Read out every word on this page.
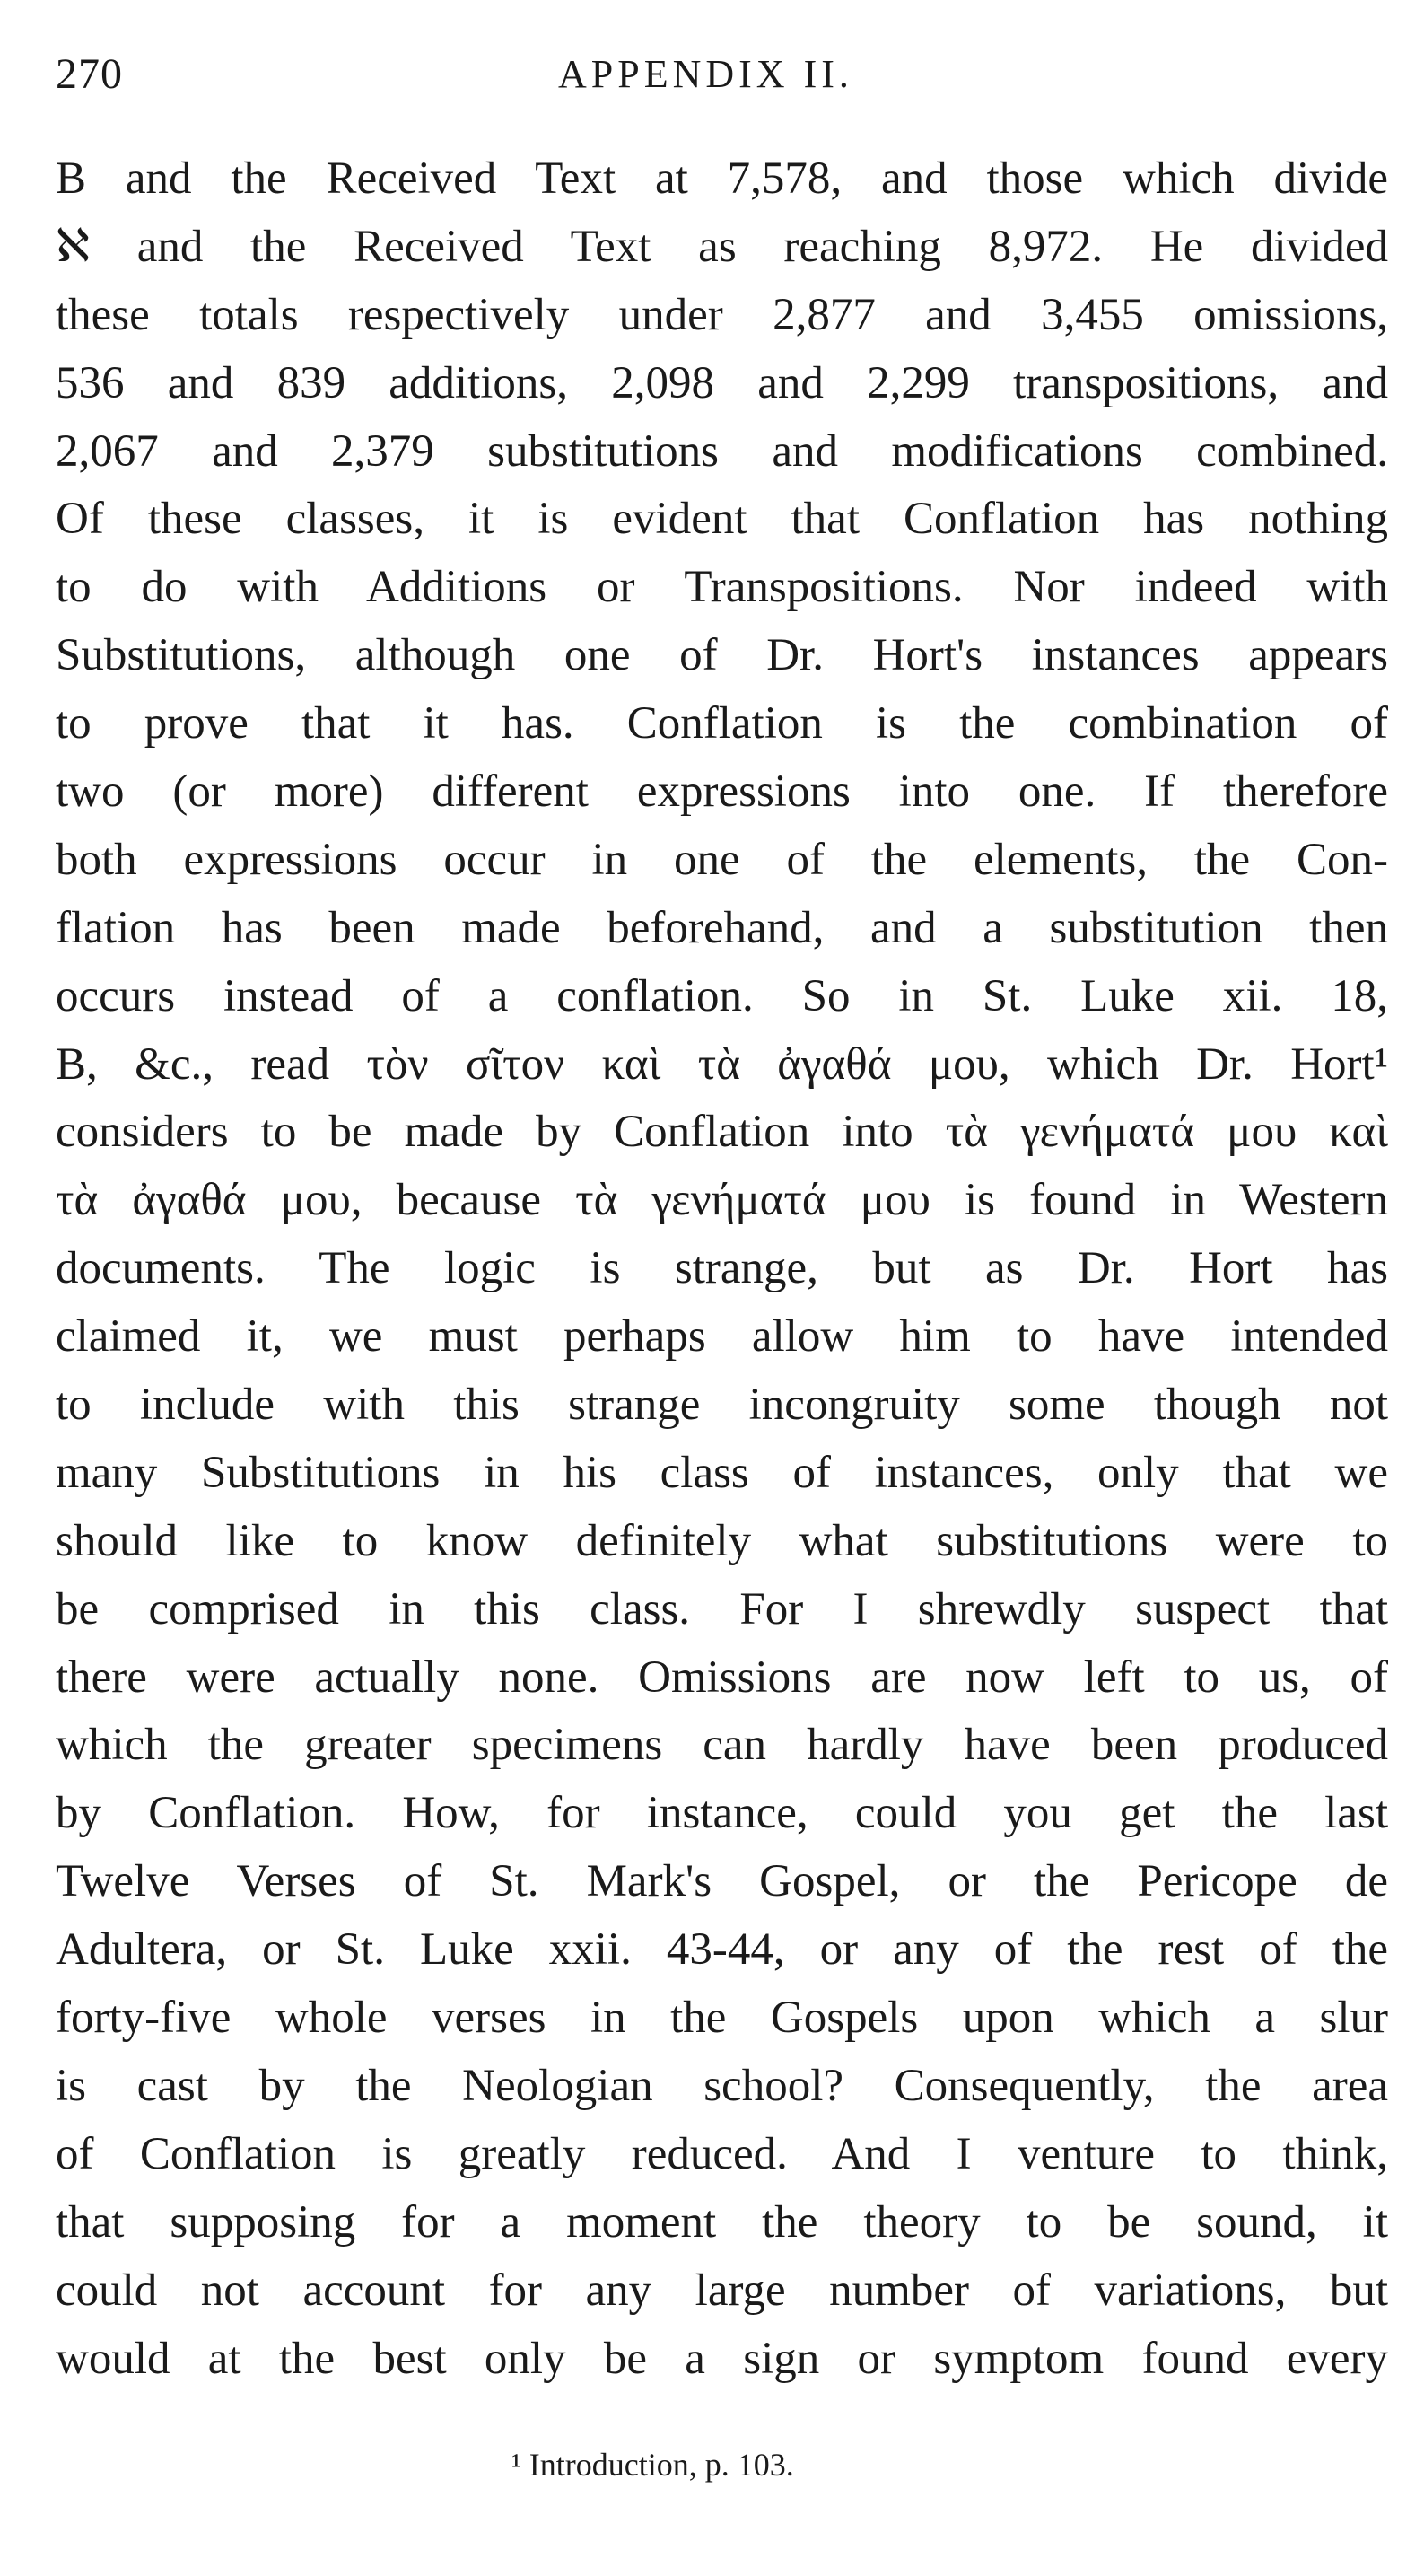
270	APPENDIX II.
B and the Received Text at 7,578, and those which divide
ℵ and the Received Text as reaching 8,972. He divided
these totals respectively under 2,877 and 3,455 omissions,
536 and 839 additions, 2,098 and 2,299 transpositions, and
2,067 and 2,379 substitutions and modifications combined.
Of these classes, it is evident that Conflation has nothing
to do with Additions or Transpositions. Nor indeed with
Substitutions, although one of Dr. Hort's instances appears
to prove that it has. Conflation is the combination of
two (or more) different expressions into one. If therefore
both expressions occur in one of the elements, the Con-
flation has been made beforehand, and a substitution then
occurs instead of a conflation. So in St. Luke xii. 18,
B, &c., read τὸν σῖτον καὶ τὰ ἀγαθά μου, which Dr. Hort¹
considers to be made by Conflation into τὰ γενήματά μου καὶ
τὰ ἀγαθά μου, because τὰ γενήματά μου is found in Western
documents. The logic is strange, but as Dr. Hort has
claimed it, we must perhaps allow him to have intended
to include with this strange incongruity some though not
many Substitutions in his class of instances, only that we
should like to know definitely what substitutions were to
be comprised in this class. For I shrewdly suspect that
there were actually none. Omissions are now left to us, of
which the greater specimens can hardly have been produced
by Conflation. How, for instance, could you get the last
Twelve Verses of St. Mark's Gospel, or the Pericope de
Adultera, or St. Luke xxii. 43-44, or any of the rest of the
forty-five whole verses in the Gospels upon which a slur
is cast by the Neologian school? Consequently, the area
of Conflation is greatly reduced. And I venture to think,
that supposing for a moment the theory to be sound, it
could not account for any large number of variations, but
would at the best only be a sign or symptom found every
¹ Introduction, p. 103.
